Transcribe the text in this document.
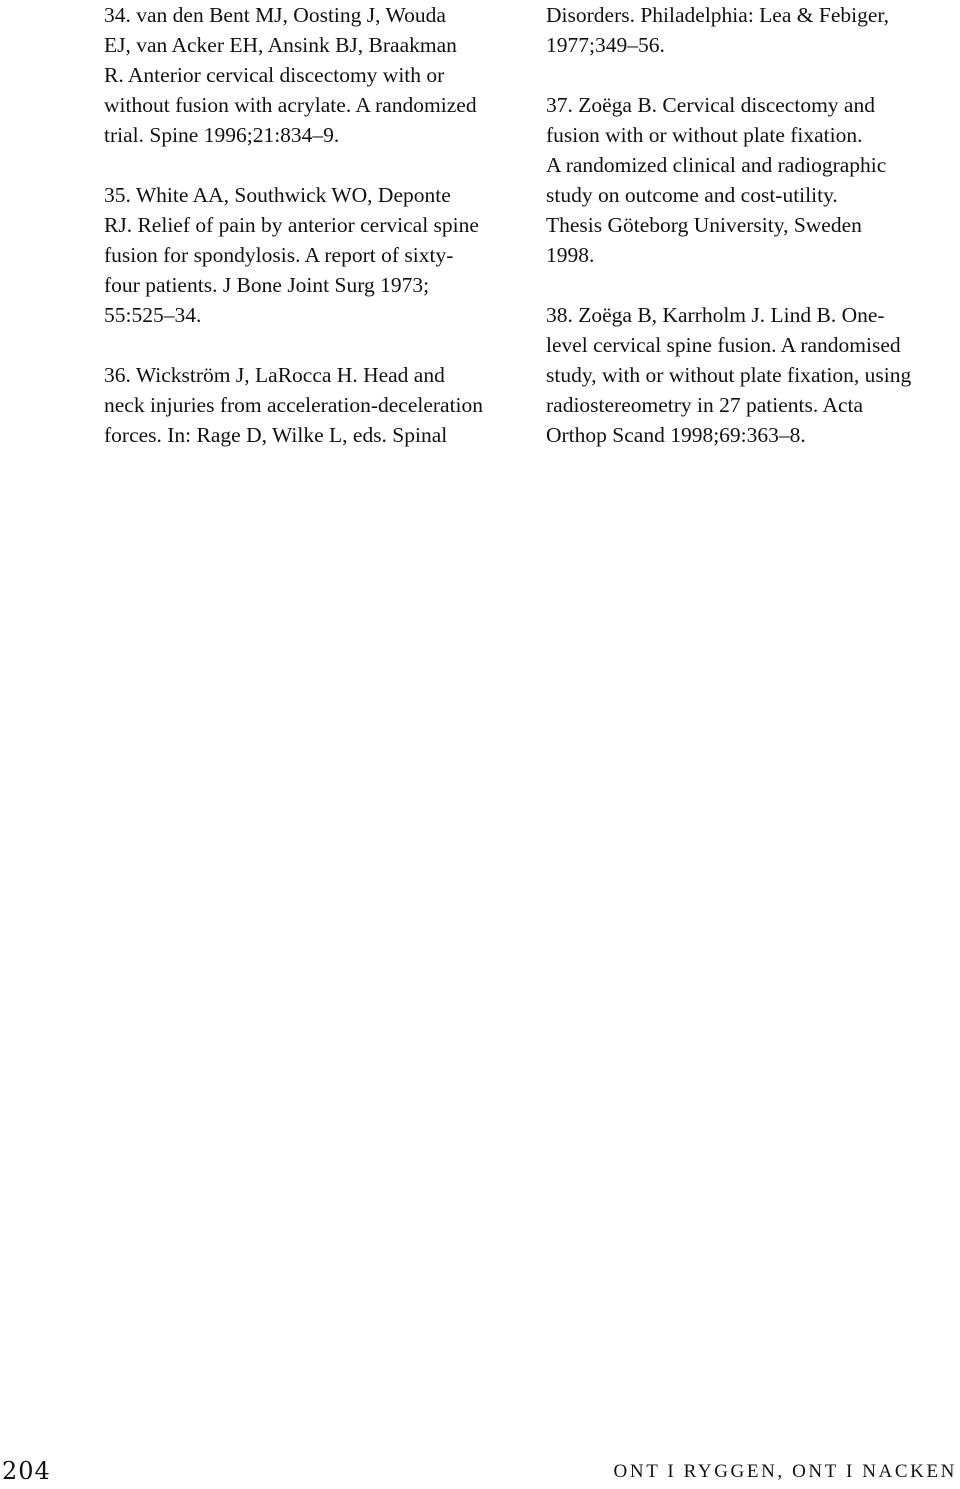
34. van den Bent MJ, Oosting J, Wouda
EJ, van Acker EH, Ansink BJ, Braakman
R. Anterior cervical discectomy with or
without fusion with acrylate. A randomized
trial. Spine 1996;21:834–9.

35. White AA, Southwick WO, Deponte
RJ. Relief of pain by anterior cervical spine
fusion for spondylosis. A report of sixty-
four patients. J Bone Joint Surg 1973;
55:525–34.

36. Wickström J, LaRocca H. Head and
neck injuries from acceleration-deceleration
forces. In: Rage D, Wilke L, eds. Spinal

Disorders. Philadelphia: Lea & Febiger,
1977;349–56.

37. Zoëga B. Cervical discectomy and
fusion with or without plate fixation.
A randomized clinical and radiographic
study on outcome and cost-utility.
Thesis Göteborg University, Sweden
1998.

38. Zoëga B, Karrholm J. Lind B. One-
level cervical spine fusion. A randomised
study, with or without plate fixation, using
radiostereometry in 27 patients. Acta
Orthop Scand 1998;69:363–8.

204	ONT I RYGGEN, ONT I NACKEN
